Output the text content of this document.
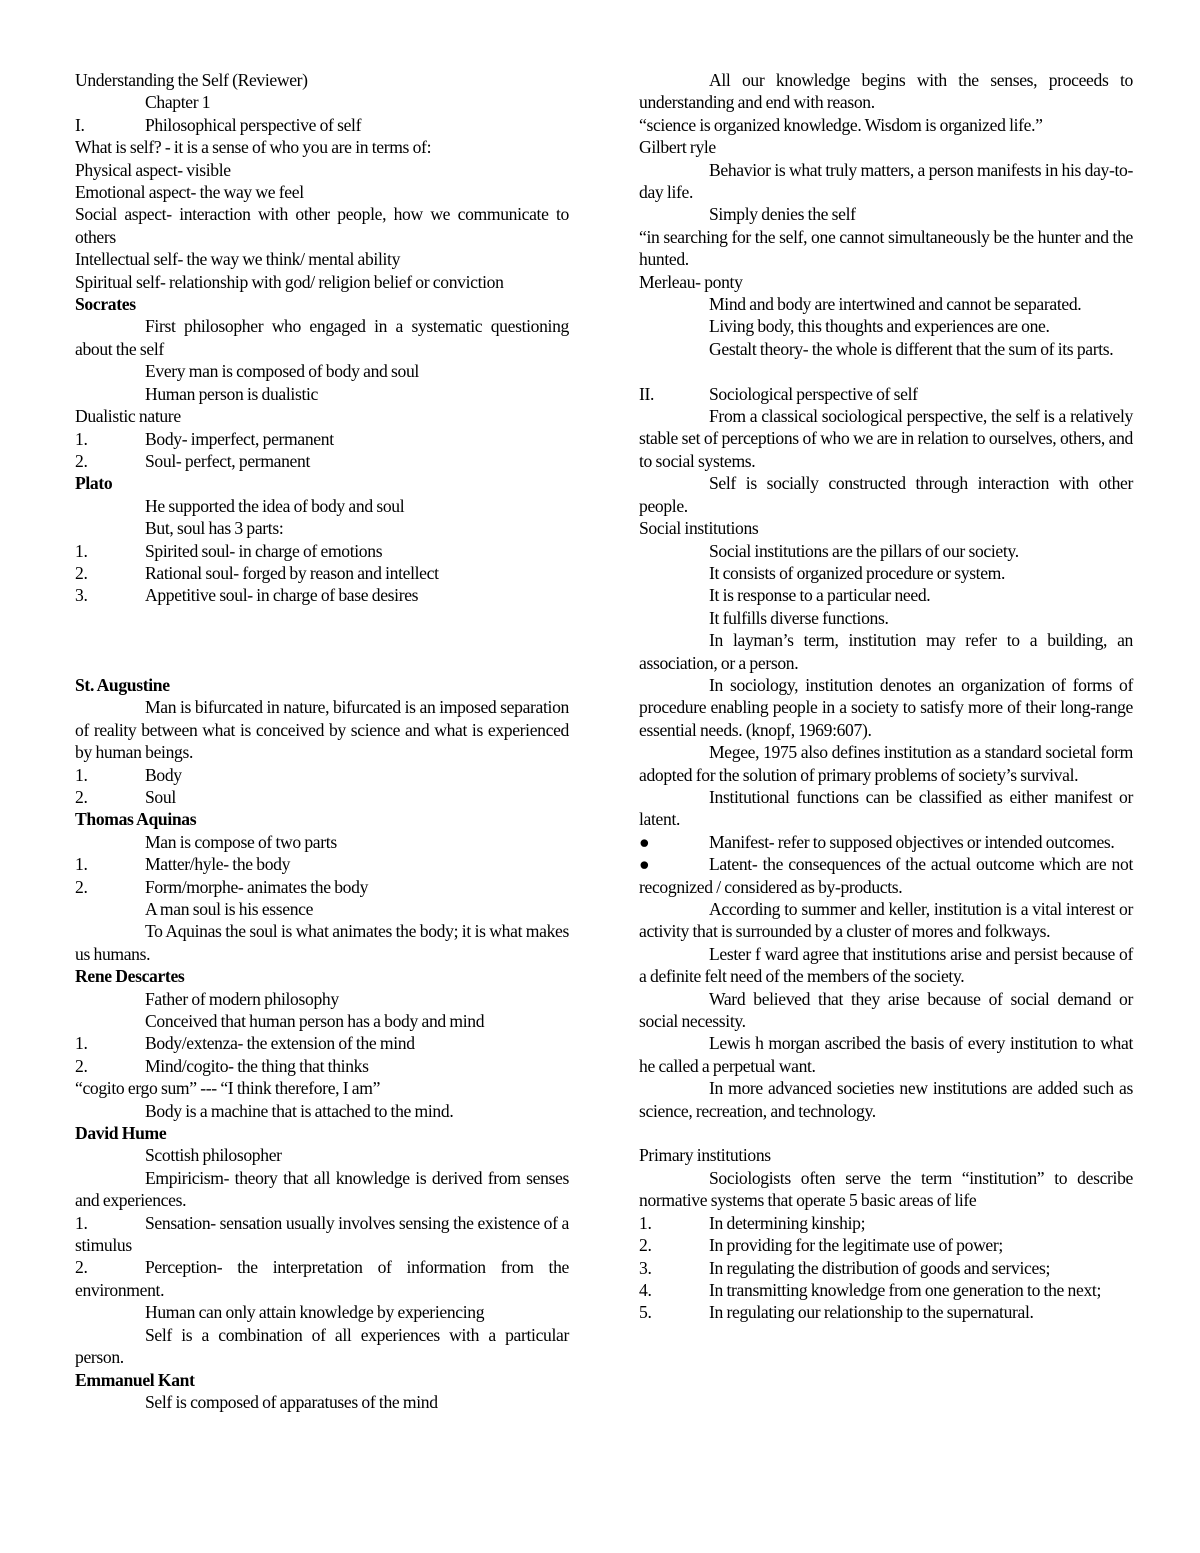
Understanding the Self (Reviewer)
Chapter 1
I.	Philosophical perspective of self
What is self? - it is a sense of who you are in terms of:
Physical aspect- visible
Emotional aspect- the way we feel
Social aspect- interaction with other people, how we communicate to others
Intellectual self- the way we think/ mental ability
Spiritual self- relationship with god/ religion belief or conviction
Socrates
First philosopher who engaged in a systematic questioning about the self
Every man is composed of body and soul
Human person is dualistic
Dualistic nature
1.	Body- imperfect, permanent
2.	Soul- perfect, permanent
Plato
He supported the idea of body and soul
But, soul has 3 parts:
1.	Spirited soul- in charge of emotions
2.	Rational soul- forged by reason and intellect
3.	Appetitive soul- in charge of base desires
St. Augustine
Man is bifurcated in nature, bifurcated is an imposed separation of reality between what is conceived by science and what is experienced by human beings.
1.	Body
2.	Soul
Thomas Aquinas
Man is compose of two parts
1.	Matter/hyle- the body
2.	Form/morphe- animates the body
A man soul is his essence
To Aquinas the soul is what animates the body; it is what makes us humans.
Rene Descartes
Father of modern philosophy
Conceived that human person has a body and mind
1.	Body/extenza- the extension of the mind
2.	Mind/cogito- the thing that thinks
“cogito ergo sum” --- “I think therefore, I am”
Body is a machine that is attached to the mind.
David Hume
Scottish philosopher
Empiricism- theory that all knowledge is derived from senses and experiences.
1.	Sensation- sensation usually involves sensing the existence of a stimulus
2.	Perception- the interpretation of information from the environment.
Human can only attain knowledge by experiencing
Self is a combination of all experiences with a particular person.
Emmanuel Kant
Self is composed of apparatuses of the mind
All our knowledge begins with the senses, proceeds to understanding and end with reason.
“science is organized knowledge. Wisdom is organized life.”
Gilbert ryle
Behavior is what truly matters, a person manifests in his day-to-day life.
Simply denies the self
“in searching for the self, one cannot simultaneously be the hunter and the hunted.
Merleau- ponty
Mind and body are intertwined and cannot be separated.
Living body, this thoughts and experiences are one.
Gestalt theory- the whole is different that the sum of its parts.
II.	Sociological perspective of self
From a classical sociological perspective, the self is a relatively stable set of perceptions of who we are in relation to ourselves, others, and to social systems.
Self is socially constructed through interaction with other people.
Social institutions
Social institutions are the pillars of our society.
It consists of organized procedure or system.
It is response to a particular need.
It fulfills diverse functions.
In layman’s term, institution may refer to a building, an association, or a person.
In sociology, institution denotes an organization of forms of procedure enabling people in a society to satisfy more of their long-range essential needs. (knopf, 1969:607).
Megee, 1975 also defines institution as a standard societal form adopted for the solution of primary problems of society’s survival.
Institutional functions can be classified as either manifest or latent.
●	Manifest- refer to supposed objectives or intended outcomes.
●	Latent- the consequences of the actual outcome which are not recognized / considered as by-products.
According to summer and keller, institution is a vital interest or activity that is surrounded by a cluster of mores and folkways.
Lester f ward agree that institutions arise and persist because of a definite felt need of the members of the society.
Ward believed that they arise because of social demand or social necessity.
Lewis h morgan ascribed the basis of every institution to what he called a perpetual want.
In more advanced societies new institutions are added such as science, recreation, and technology.
Primary institutions
Sociologists often serve the term “institution” to describe normative systems that operate 5 basic areas of life
1.	In determining kinship;
2.	In providing for the legitimate use of power;
3.	In regulating the distribution of goods and services;
4.	In transmitting knowledge from one generation to the next;
5.	In regulating our relationship to the supernatural.
